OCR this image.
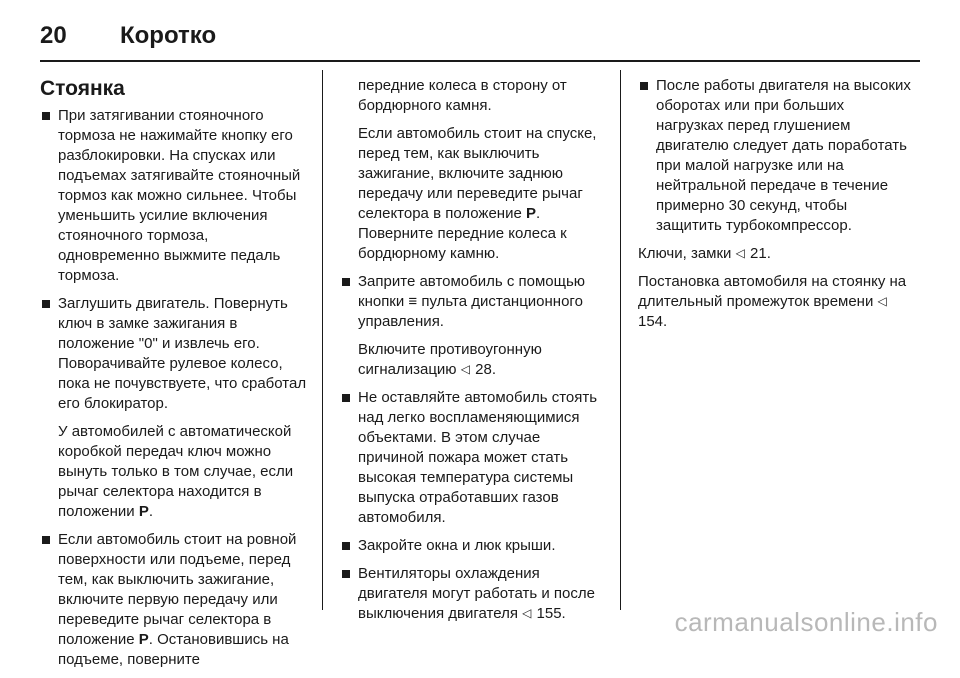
20	Коротко
Стоянка
При затягивании стояночного тормоза не нажимайте кнопку его разблокировки. На спусках или подъемах затягивайте стояночный тормоз как можно сильнее. Чтобы уменьшить усилие включения стояночного тормоза, одновременно выжмите педаль тормоза.
Заглушить двигатель. Повернуть ключ в замке зажигания в положение "0" и извлечь его. Поворачивайте рулевое колесо, пока не почувствуете, что сработал его блокиратор.
У автомобилей с автоматической коробкой передач ключ можно вынуть только в том случае, если рычаг селектора находится в положении P.
Если автомобиль стоит на ровной поверхности или подъеме, перед тем, как выключить зажигание, включите первую передачу или переведите рычаг селектора в положение P. Остановившись на подъеме, поверните
передние колеса в сторону от бордюрного камня.
Если автомобиль стоит на спуске, перед тем, как выключить зажигание, включите заднюю передачу или переведите рычаг селектора в положение P. Поверните передние колеса к бордюрному камню.
Заприте автомобиль с помощью кнопки ≡ пульта дистанционного управления.
Включите противоугонную сигнализацию ◁ 28.
Не оставляйте автомобиль стоять над легко воспламеняющимися объектами. В этом случае причиной пожара может стать высокая температура системы выпуска отработавших газов автомобиля.
Закройте окна и люк крыши.
Вентиляторы охлаждения двигателя могут работать и после выключения двигателя ◁ 155.
После работы двигателя на высоких оборотах или при больших нагрузках перед глушением двигателю следует дать поработать при малой нагрузке или на нейтральной передаче в течение примерно 30 секунд, чтобы защитить турбокомпрессор.
Ключи, замки ◁ 21.
Постановка автомобиля на стоянку на длительный промежуток времени ◁ 154.
carmanualsonline.info
